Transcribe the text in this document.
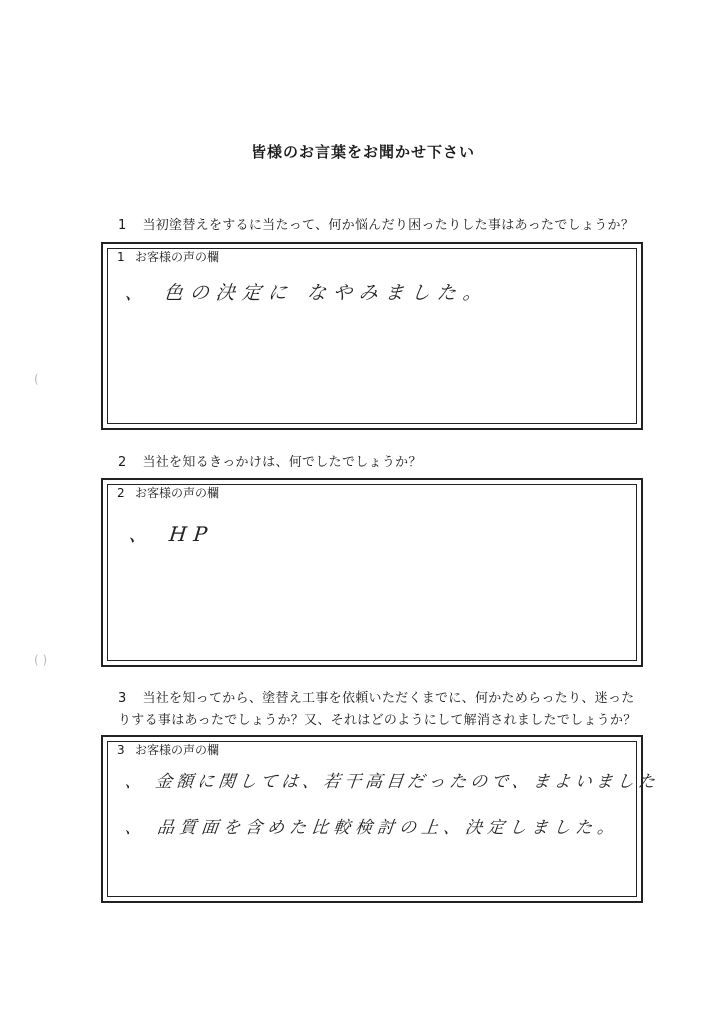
皆様のお言葉をお聞かせ下さい
1 当初塗替えをするに当たって、何か悩んだり困ったりした事はあったでしょうか？
1 お客様の声の欄
、 色の決定に なやみました。
2 当社を知るきっかけは、何でしたでしょうか？
2 お客様の声の欄
、 HP
3 当社を知ってから、塗替え工事を依頼いただくまでに、何かためらったり、迷った
りする事はあったでしょうか？又、それはどのようにして解消されましたでしょうか？
3 お客様の声の欄
、 金額に関しては、若干高目だったので、まよいました
、 品質面を含めた比較検討の上、決定しました。
(
( )
